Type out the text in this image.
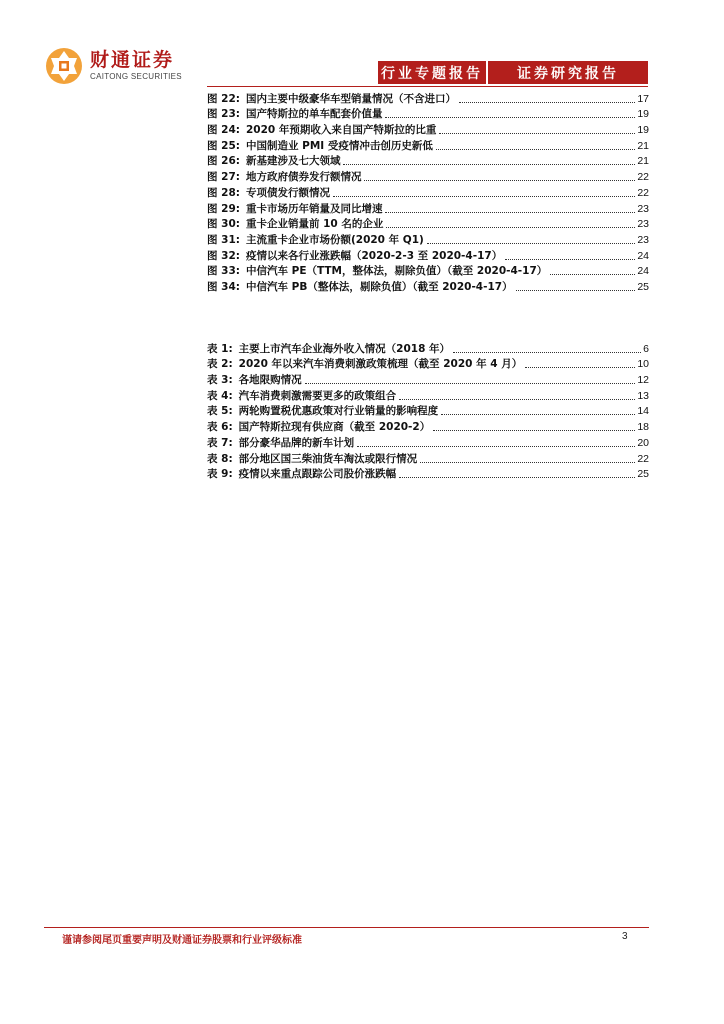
财通证券
CAITONG SECURITIES	行业专题报告	证券研究报告
图 22: 国内主要中级豪华车型销量情况（不含进口）	17
图 23: 国产特斯拉的单车配套价值量	19
图 24: 2020 年预期收入来自国产特斯拉的比重	19
图 25: 中国制造业 PMI 受疫情冲击创历史新低	21
图 26: 新基建涉及七大领域	21
图 27: 地方政府债券发行额情况	22
图 28: 专项债发行额情况	22
图 29: 重卡市场历年销量及同比增速	23
图 30: 重卡企业销量前 10 名的企业	23
图 31: 主流重卡企业市场份额(2020 年 Q1)	23
图 32: 疫情以来各行业涨跌幅（2020-2-3 至 2020-4-17）	24
图 33: 中信汽车 PE（TTM，整体法，剔除负值）（截至 2020-4-17）	24
图 34: 中信汽车 PB（整体法，剔除负值）（截至 2020-4-17）	25
表 1: 主要上市汽车企业海外收入情况（2018 年）	6
表 2: 2020 年以来汽车消费刺激政策梳理（截至 2020 年 4 月）	10
表 3: 各地限购情况	12
表 4: 汽车消费刺激需要更多的政策组合	13
表 5: 两轮购置税优惠政策对行业销量的影响程度	14
表 6: 国产特斯拉现有供应商（截至 2020-2）	18
表 7: 部分豪华品牌的新车计划	20
表 8: 部分地区国三柴油货车淘汰或限行情况	22
表 9: 疫情以来重点跟踪公司股价涨跌幅	25
谨请参阅尾页重要声明及财通证券股票和行业评级标准	3
